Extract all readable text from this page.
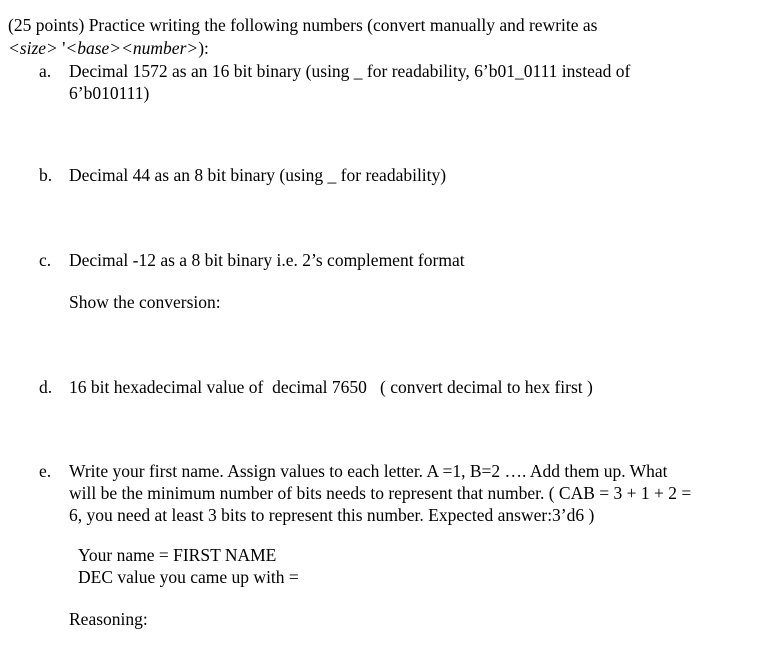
(25 points) Practice writing the following numbers (convert manually and rewrite as
<size> '<base><number>):
a. Decimal 1572 as an 16 bit binary (using _ for readability, 6’b01_0111 instead of
6’b010111)
b. Decimal 44 as an 8 bit binary (using _ for readability)
c. Decimal -12 as a 8 bit binary i.e. 2’s complement format
Show the conversion:
d. 16 bit hexadecimal value of  decimal 7650   ( convert decimal to hex first )
e. Write your first name. Assign values to each letter. A =1, B=2 …. Add them up. What
will be the minimum number of bits needs to represent that number. ( CAB = 3 + 1 + 2 =
6, you need at least 3 bits to represent this number. Expected answer:3’d6 )
Your name = FIRST NAME
DEC value you came up with =
Reasoning:
